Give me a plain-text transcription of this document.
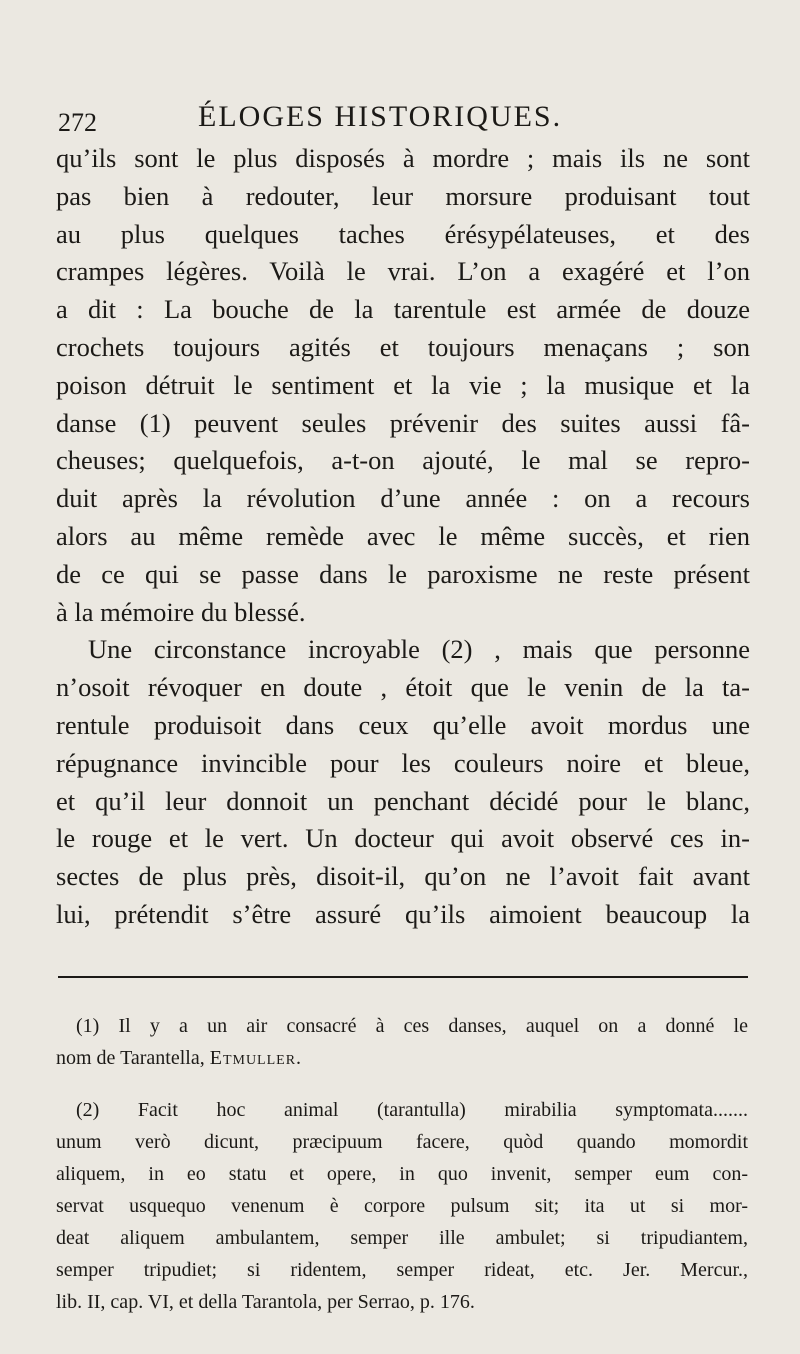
272	ÉLOGES HISTORIQUES.
qu’ils sont le plus disposés à mordre ; mais ils ne sont
pas bien à redouter, leur morsure produisant tout
au plus quelques taches érésypélateuses, et des
crampes légères. Voilà le vrai. L’on a exagéré et l’on
a dit : La bouche de la tarentule est armée de douze
crochets toujours agités et toujours menaçans ; son
poison détruit le sentiment et la vie ; la musique et la
danse (1) peuvent seules prévenir des suites aussi fâ-
cheuses; quelquefois, a-t-on ajouté, le mal se repro-
duit après la révolution d’une année : on a recours
alors au même remède avec le même succès, et rien
de ce qui se passe dans le paroxisme ne reste présent
à la mémoire du blessé.
Une circonstance incroyable (2) , mais que personne
n’osoit révoquer en doute , étoit que le venin de la ta-
rentule produisoit dans ceux qu’elle avoit mordus une
répugnance invincible pour les couleurs noire et bleue,
et qu’il leur donnoit un penchant décidé pour le blanc,
le rouge et le vert. Un docteur qui avoit observé ces in-
sectes de plus près, disoit-il, qu’on ne l’avoit fait avant
lui, prétendit s’être assuré qu’ils aimoient beaucoup la
(1) Il y a un air consacré à ces danses, auquel on a donné le
nom de Tarantella, Etmuller.
(2) Facit hoc animal (tarantulla) mirabilia symptomata.......
unum verò dicunt, præcipuum facere, quòd quando momordit
aliquem, in eo statu et opere, in quo invenit, semper eum con-
servat usquequo venenum è corpore pulsum sit; ita ut si mor-
deat aliquem ambulantem, semper ille ambulet; si tripudiantem,
semper tripudiet; si ridentem, semper rideat, etc. Jer. Mercur.,
lib. II, cap. VI, et della Tarantola, per Serrao, p. 176.
